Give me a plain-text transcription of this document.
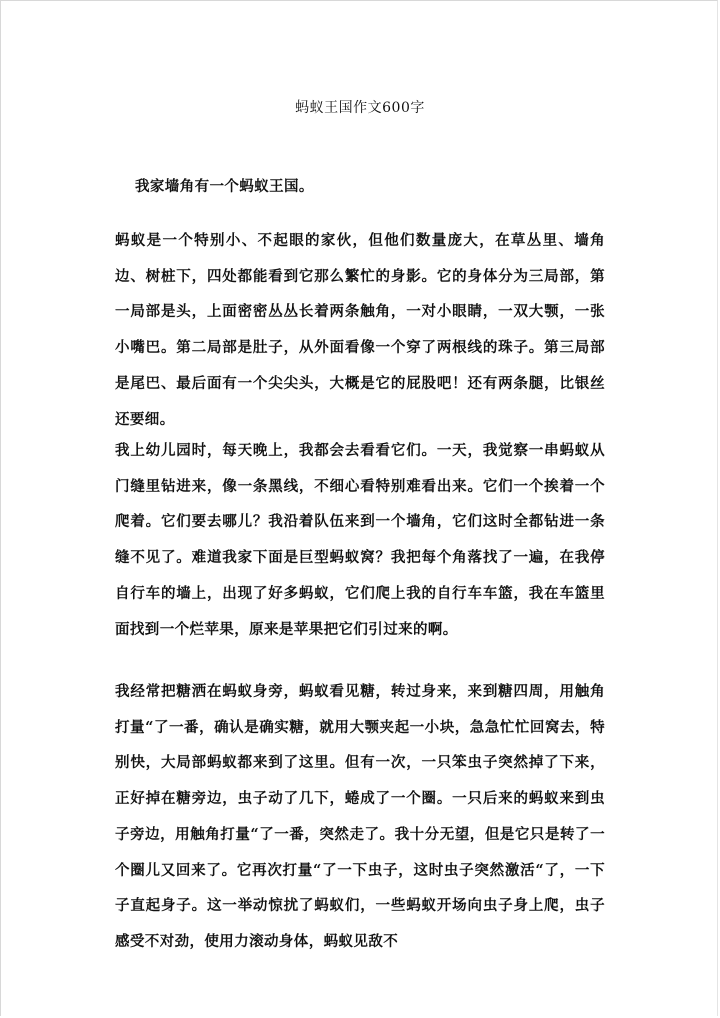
蚂蚁王国作文600字
我家墙角有一个蚂蚁王国。
蚂蚁是一个特别小、不起眼的家伙，但他们数量庞大，在草丛里、墙角边、树桩下，四处都能看到它那么繁忙的身影。它的身体分为三局部，第一局部是头，上面密密丛丛长着两条触角，一对小眼睛，一双大颚，一张小嘴巴。第二局部是肚子，从外面看像一个穿了两根线的珠子。第三局部是尾巴、最后面有一个尖尖头，大概是它的屁股吧！还有两条腿，比银丝还要细。
我上幼儿园时，每天晚上，我都会去看看它们。一天，我觉察一串蚂蚁从门缝里钻进来，像一条黑线，不细心看特别难看出来。它们一个挨着一个爬着。它们要去哪儿？我沿着队伍来到一个墙角，它们这时全都钻进一条缝不见了。难道我家下面是巨型蚂蚁窝？我把每个角落找了一遍，在我停自行车的墙上，出现了好多蚂蚁，它们爬上我的自行车车篮，我在车篮里面找到一个烂苹果，原来是苹果把它们引过来的啊。
我经常把糖洒在蚂蚁身旁，蚂蚁看见糖，转过身来，来到糖四周，用触角打量“了一番，确认是确实糖，就用大颚夹起一小块，急急忙忙回窝去，特别快，大局部蚂蚁都来到了这里。但有一次，一只笨虫子突然掉了下来，正好掉在糖旁边，虫子动了几下，蜷成了一个圈。一只后来的蚂蚁来到虫子旁边，用触角打量“了一番，突然走了。我十分无望，但是它只是转了一个圈儿又回来了。它再次打量“了一下虫子，这时虫子突然激活“了，一下子直起身子。这一举动惊扰了蚂蚁们，一些蚂蚁开场向虫子身上爬，虫子感受不对劲，使用力滚动身体，蚂蚁见敌不
